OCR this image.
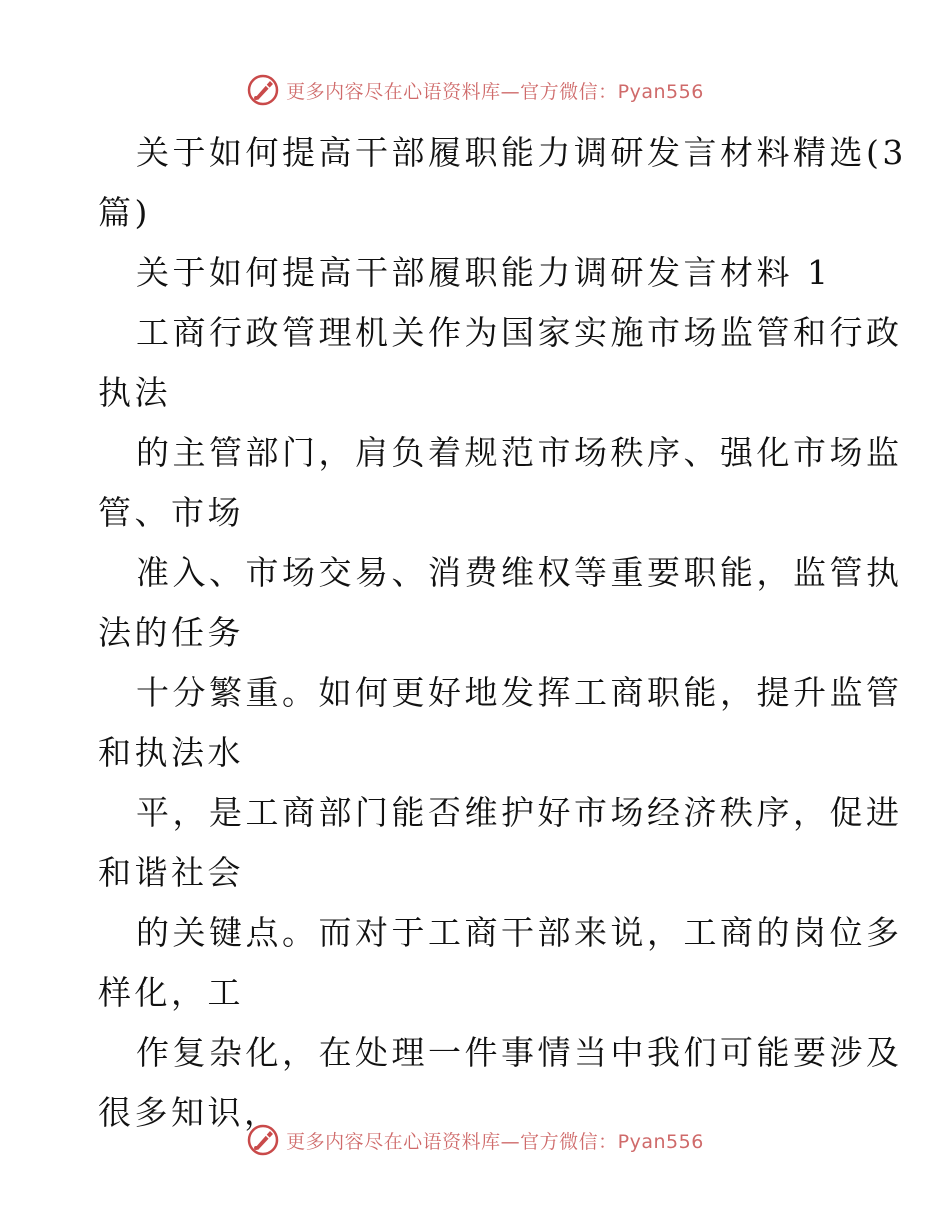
更多内容尽在心语资料库—官方微信：Pyan556
关于如何提高干部履职能力调研发言材料精选(3
篇)
关于如何提高干部履职能力调研发言材料 1
工商行政管理机关作为国家实施市场监管和行政
执法
的主管部门，肩负着规范市场秩序、强化市场监
管、市场
准入、市场交易、消费维权等重要职能，监管执
法的任务
十分繁重。如何更好地发挥工商职能，提升监管
和执法水
平，是工商部门能否维护好市场经济秩序，促进
和谐社会
的关键点。而对于工商干部来说，工商的岗位多
样化，工
作复杂化，在处理一件事情当中我们可能要涉及
很多知识，
更多内容尽在心语资料库—官方微信：Pyan556
